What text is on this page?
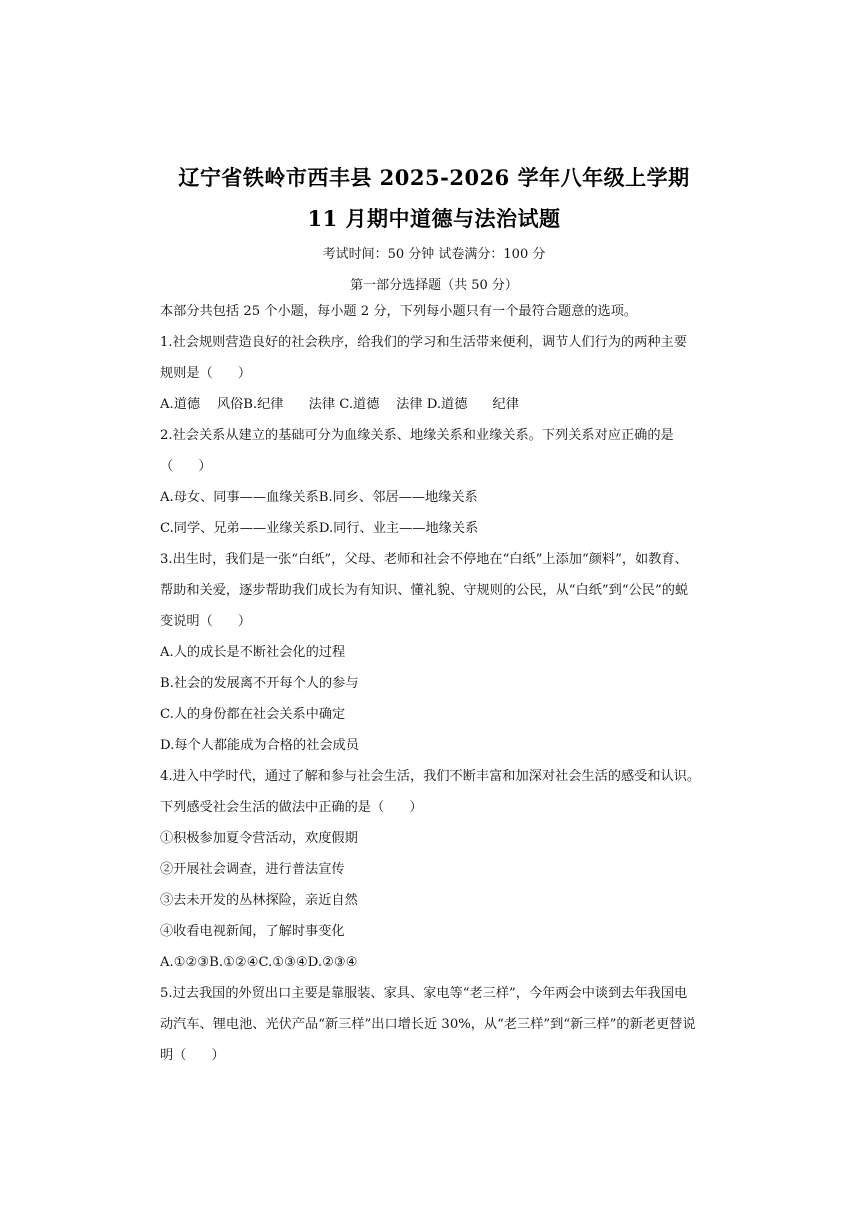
辽宁省铁岭市西丰县 2025-2026 学年八年级上学期
11 月期中道德与法治试题
考试时间：50 分钟 试卷满分：100 分
第一部分选择题（共 50 分）
本部分共包括 25 个小题，每小题 2 分，下列每小题只有一个最符合题意的选项。
1.社会规则营造良好的社会秩序，给我们的学习和生活带来便利，调节人们行为的两种主要
规则是（      ）
A.道德    风俗B.纪律      法律 C.道德    法律 D.道德      纪律
2.社会关系从建立的基础可分为血缘关系、地缘关系和业缘关系。下列关系对应正确的是
（      ）
A.母女、同事——血缘关系B.同乡、邻居——地缘关系
C.同学、兄弟——业缘关系D.同行、业主——地缘关系
3.出生时，我们是一张“白纸”，父母、老师和社会不停地在“白纸”上添加“颜料”，如教育、
帮助和关爱，逐步帮助我们成长为有知识、懂礼貌、守规则的公民，从“白纸”到“公民”的蜕
变说明（      ）
A.人的成长是不断社会化的过程
B.社会的发展离不开每个人的参与
C.人的身份都在社会关系中确定
D.每个人都能成为合格的社会成员
4.进入中学时代，通过了解和参与社会生活，我们不断丰富和加深对社会生活的感受和认识。
下列感受社会生活的做法中正确的是（      ）
①积极参加夏令营活动，欢度假期
②开展社会调查，进行普法宣传
③去未开发的丛林探险，亲近自然
④收看电视新闻，了解时事变化
A.①②③B.①②④C.①③④D.②③④
5.过去我国的外贸出口主要是靠服装、家具、家电等“老三样”，今年两会中谈到去年我国电
动汽车、锂电池、光伏产品“新三样”出口增长近 30%，从“老三样”到“新三样”的新老更替说
明（      ）
